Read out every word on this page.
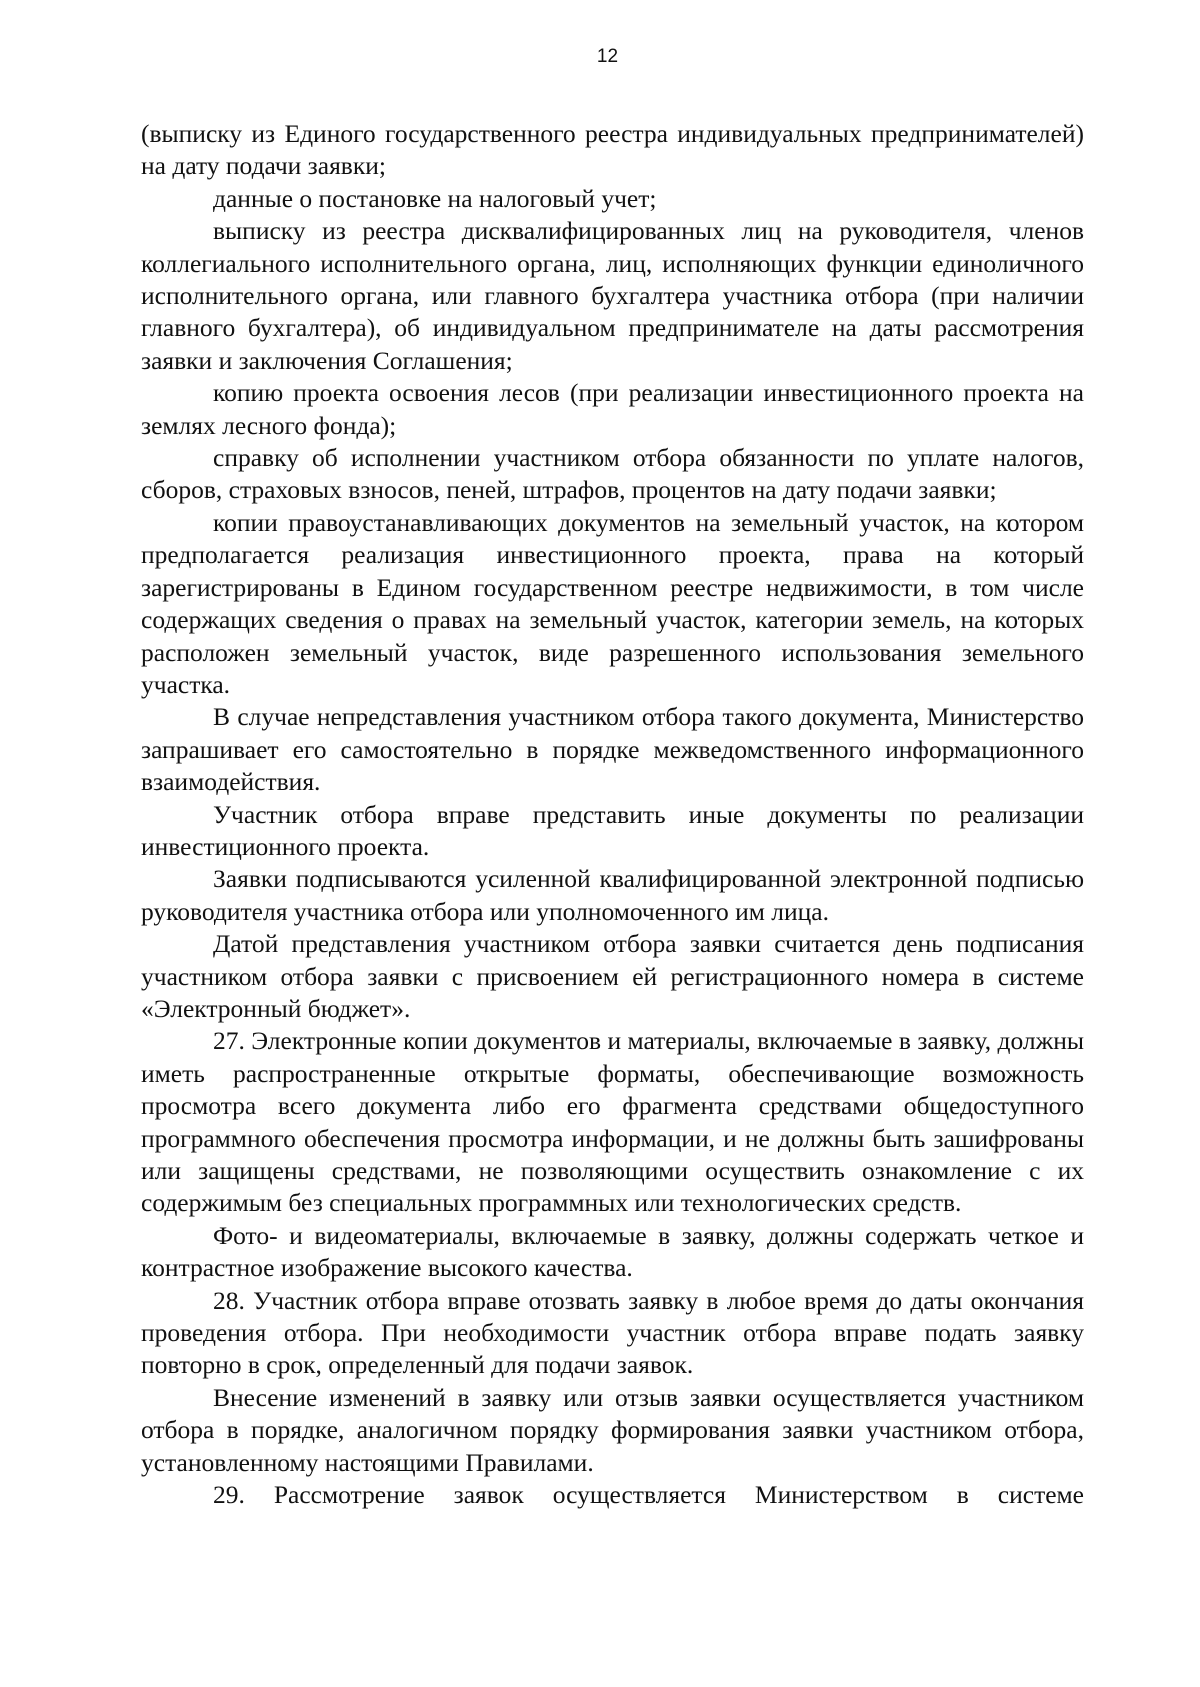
12

(выписку из Единого государственного реестра индивидуальных предпринимателей) на дату подачи заявки;

данные о постановке на налоговый учет;

выписку из реестра дисквалифицированных лиц на руководителя, членов коллегиального исполнительного органа, лиц, исполняющих функции единоличного исполнительного органа, или главного бухгалтера участника отбора (при наличии главного бухгалтера), об индивидуальном предпринимателе на даты рассмотрения заявки и заключения Соглашения;

копию проекта освоения лесов (при реализации инвестиционного проекта на землях лесного фонда);

справку об исполнении участником отбора обязанности по уплате налогов, сборов, страховых взносов, пеней, штрафов, процентов на дату подачи заявки;

копии правоустанавливающих документов на земельный участок, на котором предполагается реализация инвестиционного проекта, права на который зарегистрированы в Едином государственном реестре недвижимости, в том числе содержащих сведения о правах на земельный участок, категории земель, на которых расположен земельный участок, виде разрешенного использования земельного участка.

В случае непредставления участником отбора такого документа, Министерство запрашивает его самостоятельно в порядке межведомственного информационного взаимодействия.

Участник отбора вправе представить иные документы по реализации инвестиционного проекта.

Заявки подписываются усиленной квалифицированной электронной подписью руководителя участника отбора или уполномоченного им лица.

Датой представления участником отбора заявки считается день подписания участником отбора заявки с присвоением ей регистрационного номера в системе «Электронный бюджет».

27. Электронные копии документов и материалы, включаемые в заявку, должны иметь распространенные открытые форматы, обеспечивающие возможность просмотра всего документа либо его фрагмента средствами общедоступного программного обеспечения просмотра информации, и не должны быть зашифрованы или защищены средствами, не позволяющими осуществить ознакомление с их содержимым без специальных программных или технологических средств.

Фото- и видеоматериалы, включаемые в заявку, должны содержать четкое и контрастное изображение высокого качества.

28. Участник отбора вправе отозвать заявку в любое время до даты окончания проведения отбора. При необходимости участник отбора вправе подать заявку повторно в срок, определенный для подачи заявок.

Внесение изменений в заявку или отзыв заявки осуществляется участником отбора в порядке, аналогичном порядку формирования заявки участником отбора, установленному настоящими Правилами.

29. Рассмотрение заявок осуществляется Министерством в системе
